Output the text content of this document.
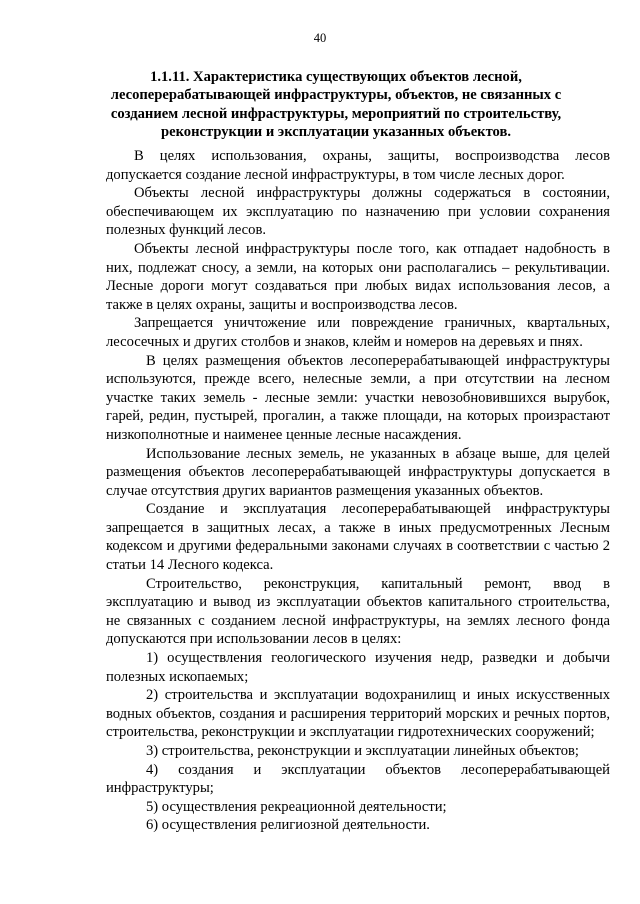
40
1.1.11. Характеристика существующих объектов лесной, лесоперерабатывающей инфраструктуры, объектов, не связанных с созданием лесной инфраструктуры, мероприятий по строительству, реконструкции и эксплуатации указанных объектов.

В целях использования, охраны, защиты, воспроизводства лесов допускается создание лесной инфраструктуры, в том числе лесных дорог.

Объекты лесной инфраструктуры должны содержаться в состоянии, обеспечивающем их эксплуатацию по назначению при условии сохранения полезных функций лесов.

Объекты лесной инфраструктуры после того, как отпадает надобность в них, подлежат сносу, а земли, на которых они располагались – рекультивации. Лесные дороги могут создаваться при любых видах использования лесов, а также в целях охраны, защиты и воспроизводства лесов.

Запрещается уничтожение или повреждение граничных, квартальных, лесосечных и других столбов и знаков, клейм и номеров на деревьях и пнях.

В целях размещения объектов лесоперерабатывающей инфраструктуры используются, прежде всего, нелесные земли, а при отсутствии на лесном участке таких земель - лесные земли: участки невозобновившихся вырубок, гарей, редин, пустырей, прогалин, а также площади, на которых произрастают низкополнотные и наименее ценные лесные насаждения.

Использование лесных земель, не указанных в абзаце выше, для целей размещения объектов лесоперерабатывающей инфраструктуры допускается в случае отсутствия других вариантов размещения указанных объектов.

Создание и эксплуатация лесоперерабатывающей инфраструктуры запрещается в защитных лесах, а также в иных предусмотренных Лесным кодексом и другими федеральными законами случаях в соответствии с частью 2 статьи 14 Лесного кодекса.

Строительство, реконструкция, капитальный ремонт, ввод в эксплуатацию и вывод из эксплуатации объектов капитального строительства, не связанных с созданием лесной инфраструктуры, на землях лесного фонда допускаются при использовании лесов в целях:

1) осуществления геологического изучения недр, разведки и добычи полезных ископаемых;

2) строительства и эксплуатации водохранилищ и иных искусственных водных объектов, создания и расширения территорий морских и речных портов, строительства, реконструкции и эксплуатации гидротехнических сооружений;

3) строительства, реконструкции и эксплуатации линейных объектов;

4) создания и эксплуатации объектов лесоперерабатывающей инфраструктуры;

5) осуществления рекреационной деятельности;

6) осуществления религиозной деятельности.
